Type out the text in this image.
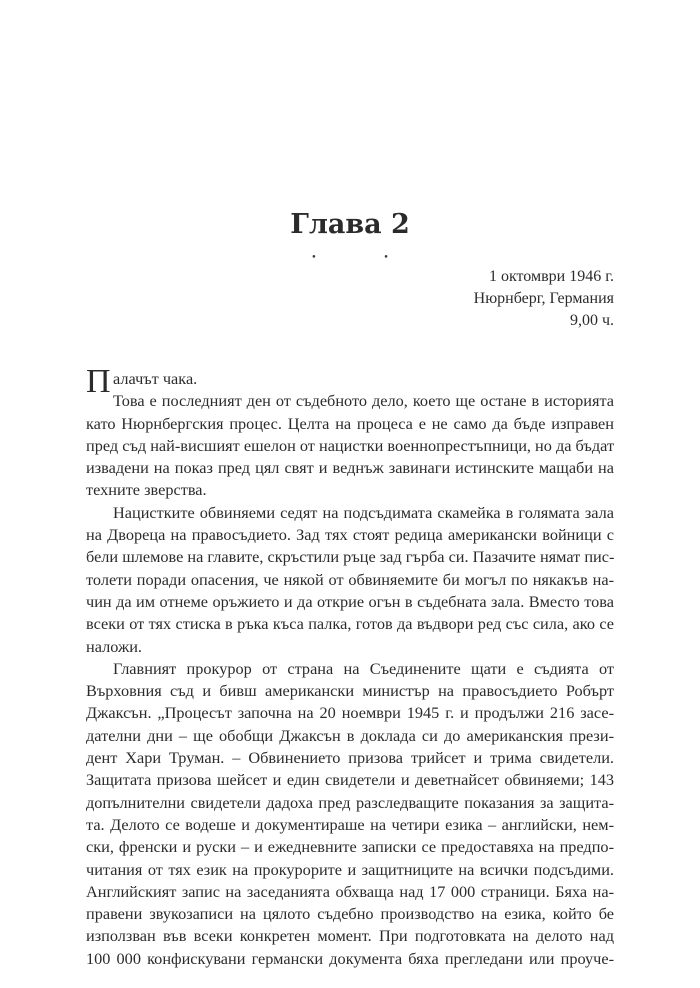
Глава 2
• •
1 октомври 1946 г.
Нюрнберг, Германия
9,00 ч.
П алачът чака.
Това е последният ден от съдебното дело, което ще остане в историята
като Нюрнбергския процес. Целта на процеса е не само да бъде изправен
пред съд най-висшият ешелон от нацистки военнопрестъпници, но да бъдат
извадени на показ пред цял свят и веднъж завинаги истинските мащаби на
техните зверства.
Нацистките обвиняеми седят на подсъдимата скамейка в голямата зала
на Двореца на правосъдието. Зад тях стоят редица американски войници с
бели шлемове на главите, скръстили ръце зад гърба си. Пазачите нямат пис-
толети поради опасения, че някой от обвиняемите би могъл по някакъв на-
чин да им отнеме оръжието и да открие огън в съдебната зала. Вместо това
всеки от тях стиска в ръка къса палка, готов да въдвори ред със сила, ако се
наложи.
Главният прокурор от страна на Съединените щати е съдията от
Върховния съд и бивш американски министър на правосъдието Робърт
Джаксън. „Процесът започна на 20 ноември 1945 г. и продължи 216 засе-
дателни дни – ще обобщи Джаксън в доклада си до американския прези-
дент Хари Труман. – Обвинението призова трийсет и трима свидетели.
Защитата призова шейсет и един свидетели и деветнайсет обвиняеми; 143
допълнителни свидетели дадоха пред разследващите показания за защита-
та. Делото се водеше и документираше на четири езика – английски, нем-
ски, френски и руски – и ежедневните записки се предоставяха на предпо-
читания от тях език на прокурорите и защитниците на всички подсъдими.
Английският запис на заседанията обхваща над 17 000 страници. Бяха на-
правени звукозаписи на цялото съдебно производство на езика, който бе
използван във всеки конкретен момент. При подготовката на делото над
100 000 конфискувани германски документа бяха прегледани или проуче-
